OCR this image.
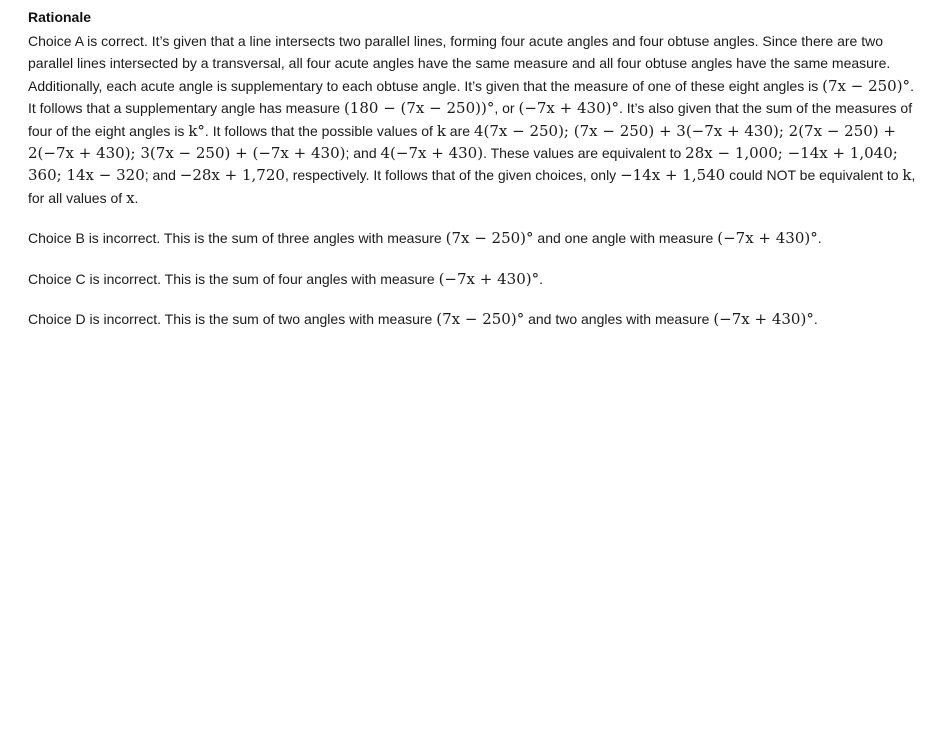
Rationale

Choice A is correct. It’s given that a line intersects two parallel lines, forming four acute angles and four obtuse angles. Since there are two parallel lines intersected by a transversal, all four acute angles have the same measure and all four obtuse angles have the same measure. Additionally, each acute angle is supplementary to each obtuse angle. It’s given that the measure of one of these eight angles is (7x − 250)°. It follows that a supplementary angle has measure (180 − (7x − 250))°, or (−7x + 430)°. It’s also given that the sum of the measures of four of the eight angles is k°. It follows that the possible values of k are 4(7x − 250); (7x − 250) + 3(−7x + 430); 2(7x − 250) + 2(−7x + 430); 3(7x − 250) + (−7x + 430); and 4(−7x + 430). These values are equivalent to 28x − 1,000; −14x + 1,040; 360; 14x − 320; and −28x + 1,720, respectively. It follows that of the given choices, only −14x + 1,540 could NOT be equivalent to k, for all values of x.

Choice B is incorrect. This is the sum of three angles with measure (7x − 250)° and one angle with measure (−7x + 430)°.

Choice C is incorrect. This is the sum of four angles with measure (−7x + 430)°.

Choice D is incorrect. This is the sum of two angles with measure (7x − 250)° and two angles with measure (−7x + 430)°.
